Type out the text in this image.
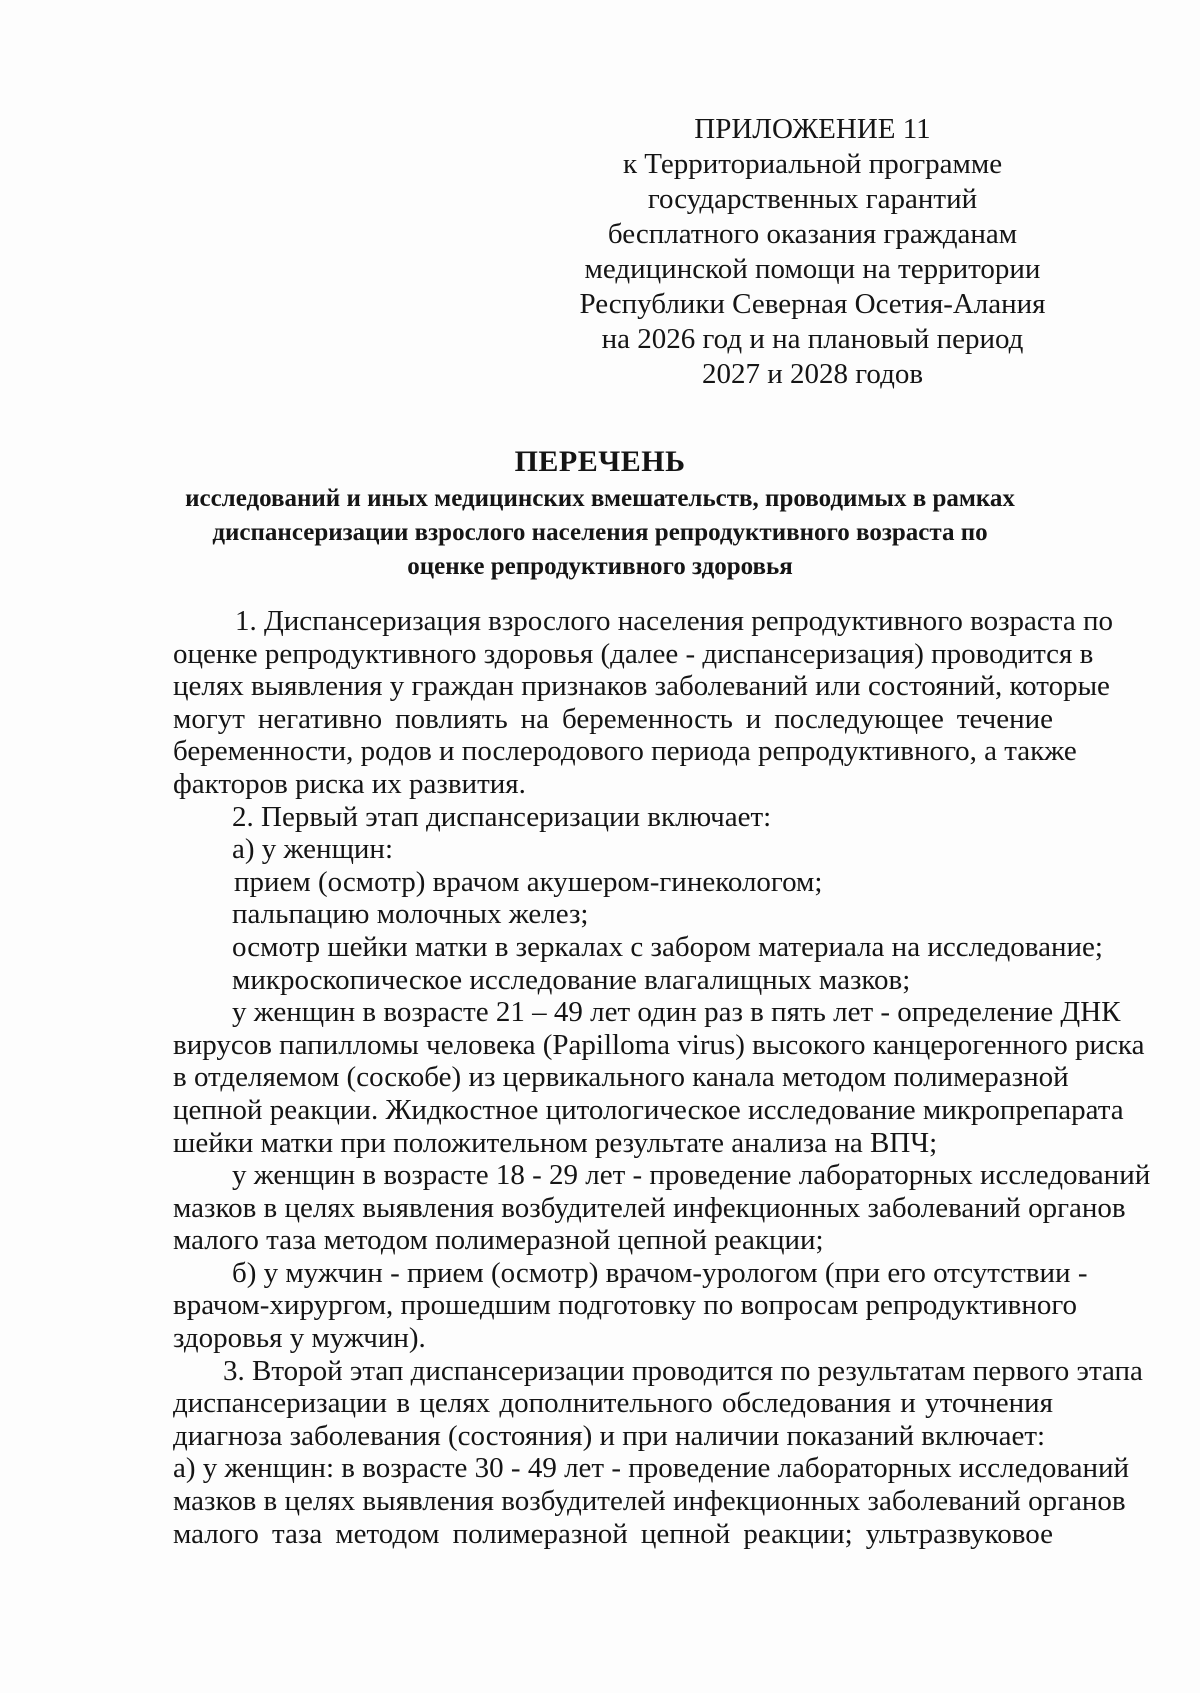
ПРИЛОЖЕНИЕ 11
к Территориальной программе
государственных гарантий
бесплатного оказания гражданам
медицинской помощи на территории
Республики Северная Осетия-Алания
на 2026 год и на плановый период
2027 и 2028 годов
ПЕРЕЧЕНЬ
исследований и иных медицинских вмешательств, проводимых в рамках
диспансеризации взрослого населения репродуктивного возраста по
оценке репродуктивного здоровья
1. Диспансеризация взрослого населения репродуктивного возраста по
оценке репродуктивного здоровья (далее - диспансеризация) проводится в
целях выявления у граждан признаков заболеваний или состояний, которые
могут негативно повлиять на беременность и последующее течение
беременности, родов и послеродового периода репродуктивного, а также
факторов риска их развития.
2. Первый этап диспансеризации включает:
а) у женщин:
прием (осмотр) врачом акушером-гинекологом;
пальпацию молочных желез;
осмотр шейки матки в зеркалах с забором материала на исследование;
микроскопическое исследование влагалищных мазков;
у женщин в возрасте 21 – 49 лет один раз в пять лет - определение ДНК
вирусов папилломы человека (Papilloma virus) высокого канцерогенного риска
в отделяемом (соскобе) из цервикального канала методом полимеразной
цепной реакции. Жидкостное цитологическое исследование микропрепарата
шейки матки при положительном результате анализа на ВПЧ;
у женщин в возрасте 18 - 29 лет - проведение лабораторных исследований
мазков в целях выявления возбудителей инфекционных заболеваний органов
малого таза методом полимеразной цепной реакции;
б) у мужчин - прием (осмотр) врачом-урологом (при его отсутствии -
врачом-хирургом, прошедшим подготовку по вопросам репродуктивного
здоровья у мужчин).
3. Второй этап диспансеризации проводится по результатам первого этапа
диспансеризации в целях дополнительного обследования и уточнения
диагноза заболевания (состояния) и при наличии показаний включает:
а) у женщин: в возрасте 30 - 49 лет - проведение лабораторных исследований
мазков в целях выявления возбудителей инфекционных заболеваний органов
малого таза методом полимеразной цепной реакции; ультразвуковое
